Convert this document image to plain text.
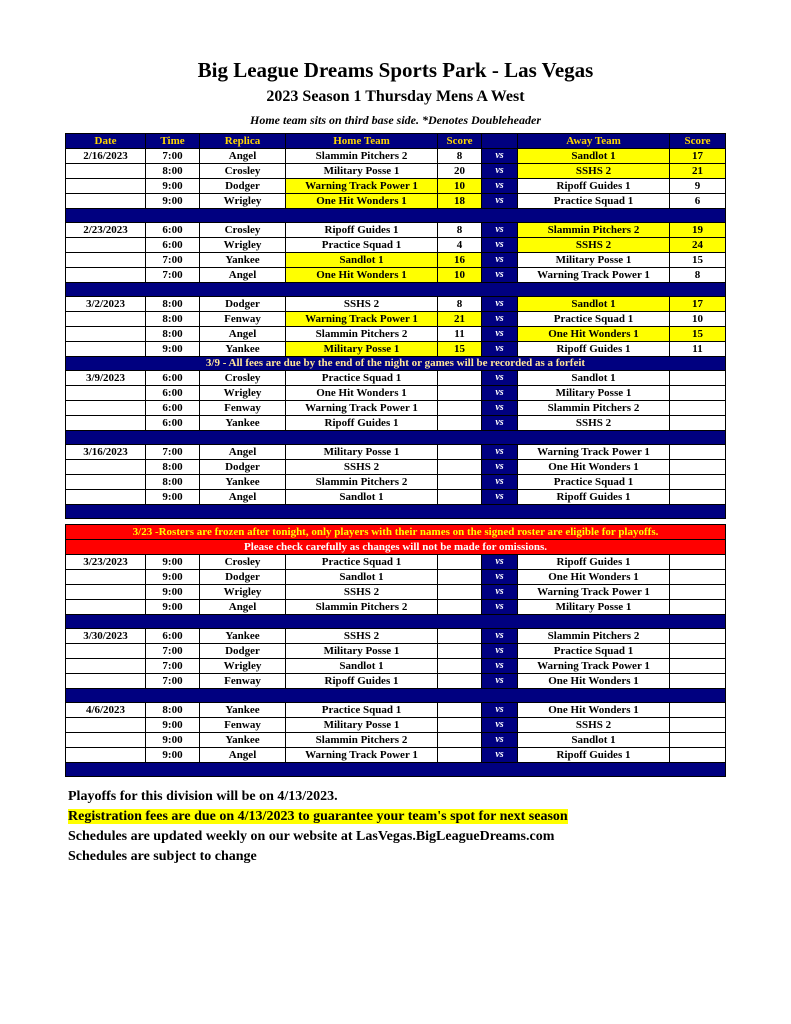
Big League Dreams Sports Park - Las Vegas
2023 Season 1 Thursday Mens A West
Home team sits on third base side. *Denotes Doubleheader
Date	Time	Replica	Home Team	Score		Away Team	Score
2/16/2023	7:00	Angel	Slammin Pitchers 2	8	vs	Sandlot 1	17
	8:00	Crosley	Military Posse 1	20	vs	SSHS 2	21
	9:00	Dodger	Warning Track Power 1	10	vs	Ripoff Guides 1	9
	9:00	Wrigley	One Hit Wonders 1	18	vs	Practice Squad 1	6

2/23/2023	6:00	Crosley	Ripoff Guides 1	8	vs	Slammin Pitchers 2	19
	6:00	Wrigley	Practice Squad 1	4	vs	SSHS 2	24
	7:00	Yankee	Sandlot 1	16	vs	Military Posse 1	15
	7:00	Angel	One Hit Wonders 1	10	vs	Warning Track Power 1	8

3/2/2023	8:00	Dodger	SSHS 2	8	vs	Sandlot 1	17
	8:00	Fenway	Warning Track Power 1	21	vs	Practice Squad 1	10
	8:00	Angel	Slammin Pitchers 2	11	vs	One Hit Wonders 1	15
	9:00	Yankee	Military Posse 1	15	vs	Ripoff Guides 1	11
3/9 - All fees are due by the end of the night or games will be recorded as a forfeit							
3/9/2023	6:00	Crosley	Practice Squad 1		vs	Sandlot 1	
	6:00	Wrigley	One Hit Wonders 1		vs	Military Posse 1	
	6:00	Fenway	Warning Track Power 1		vs	Slammin Pitchers 2	
	6:00	Yankee	Ripoff Guides 1		vs	SSHS 2	

3/16/2023	7:00	Angel	Military Posse 1		vs	Warning Track Power 1	
	8:00	Dodger	SSHS 2		vs	One Hit Wonders 1	
	8:00	Yankee	Slammin Pitchers 2		vs	Practice Squad 1	
	9:00	Angel	Sandlot 1		vs	Ripoff Guides 1	

3/23 -Rosters are frozen after tonight, only players with their names on the signed roster are eligible for playoffs.							
Please check carefully as changes will not be made for omissions.							
3/23/2023	9:00	Crosley	Practice Squad 1		vs	Ripoff Guides 1	
	9:00	Dodger	Sandlot 1		vs	One Hit Wonders 1	
	9:00	Wrigley	SSHS 2		vs	Warning Track Power 1	
	9:00	Angel	Slammin Pitchers 2		vs	Military Posse 1	

3/30/2023	6:00	Yankee	SSHS 2		vs	Slammin Pitchers 2	
	7:00	Dodger	Military Posse 1		vs	Practice Squad 1	
	7:00	Wrigley	Sandlot 1		vs	Warning Track Power 1	
	7:00	Fenway	Ripoff Guides 1		vs	One Hit Wonders 1	

4/6/2023	8:00	Yankee	Practice Squad 1		vs	One Hit Wonders 1	
	9:00	Fenway	Military Posse 1		vs	SSHS 2	
	9:00	Yankee	Slammin Pitchers 2		vs	Sandlot 1	
	9:00	Angel	Warning Track Power 1		vs	Ripoff Guides 1	

Playoffs for this division will be on 4/13/2023.
Registration fees are due on 4/13/2023 to guarantee your team's spot for next season
Schedules are updated weekly on our website at LasVegas.BigLeagueDreams.com
Schedules are subject to change
